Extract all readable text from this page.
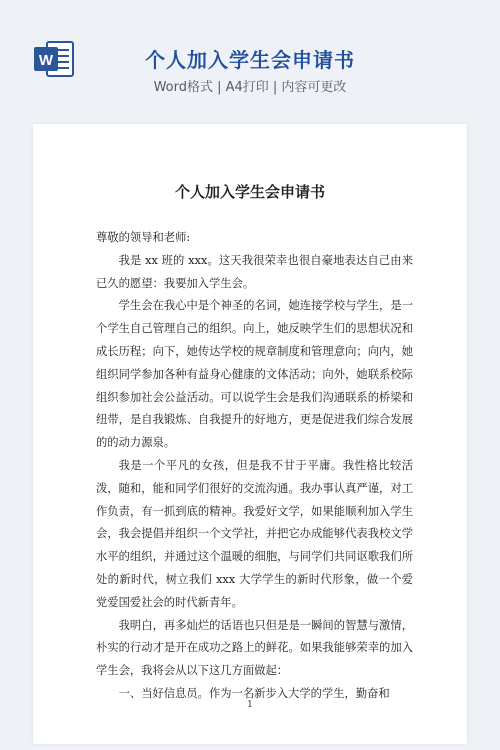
W	个人加入学生会申请书
Word格式 | A4打印 | 内容可更改
个人加入学生会申请书

尊敬的领导和老师:

我是 xx 班的 xxx。这天我很荣幸也很自豪地表达自己由来已久的愿望：我要加入学生会。

学生会在我心中是个神圣的名词，她连接学校与学生，是一个学生自己管理自己的组织。向上，她反映学生们的思想状况和成长历程；向下，她传达学校的规章制度和管理意向；向内，她组织同学参加各种有益身心健康的文体活动；向外，她联系校际组织参加社会公益活动。可以说学生会是我们沟通联系的桥梁和纽带，是自我锻炼、自我提升的好地方，更是促进我们综合发展的的动力源泉。

我是一个平凡的女孩，但是我不甘于平庸。我性格比较活泼，随和，能和同学们很好的交流沟通。我办事认真严谨，对工作负责，有一抓到底的精神。我爱好文学，如果能顺利加入学生会，我会提倡并组织一个文学社，并把它办成能够代表我校文学水平的组织，并通过这个温暖的细胞，与同学们共同讴歌我们所处的新时代，树立我们 xxx 大学学生的新时代形象，做一个爱党爱国爱社会的时代新青年。

我明白，再多灿烂的话语也只但是是一瞬间的智慧与激情，朴实的行动才是开在成功之路上的鲜花。如果我能够荣幸的加入学生会，我将会从以下这几方面做起：

一、当好信息员。作为一名新步入大学的学生，勤奋和

1
